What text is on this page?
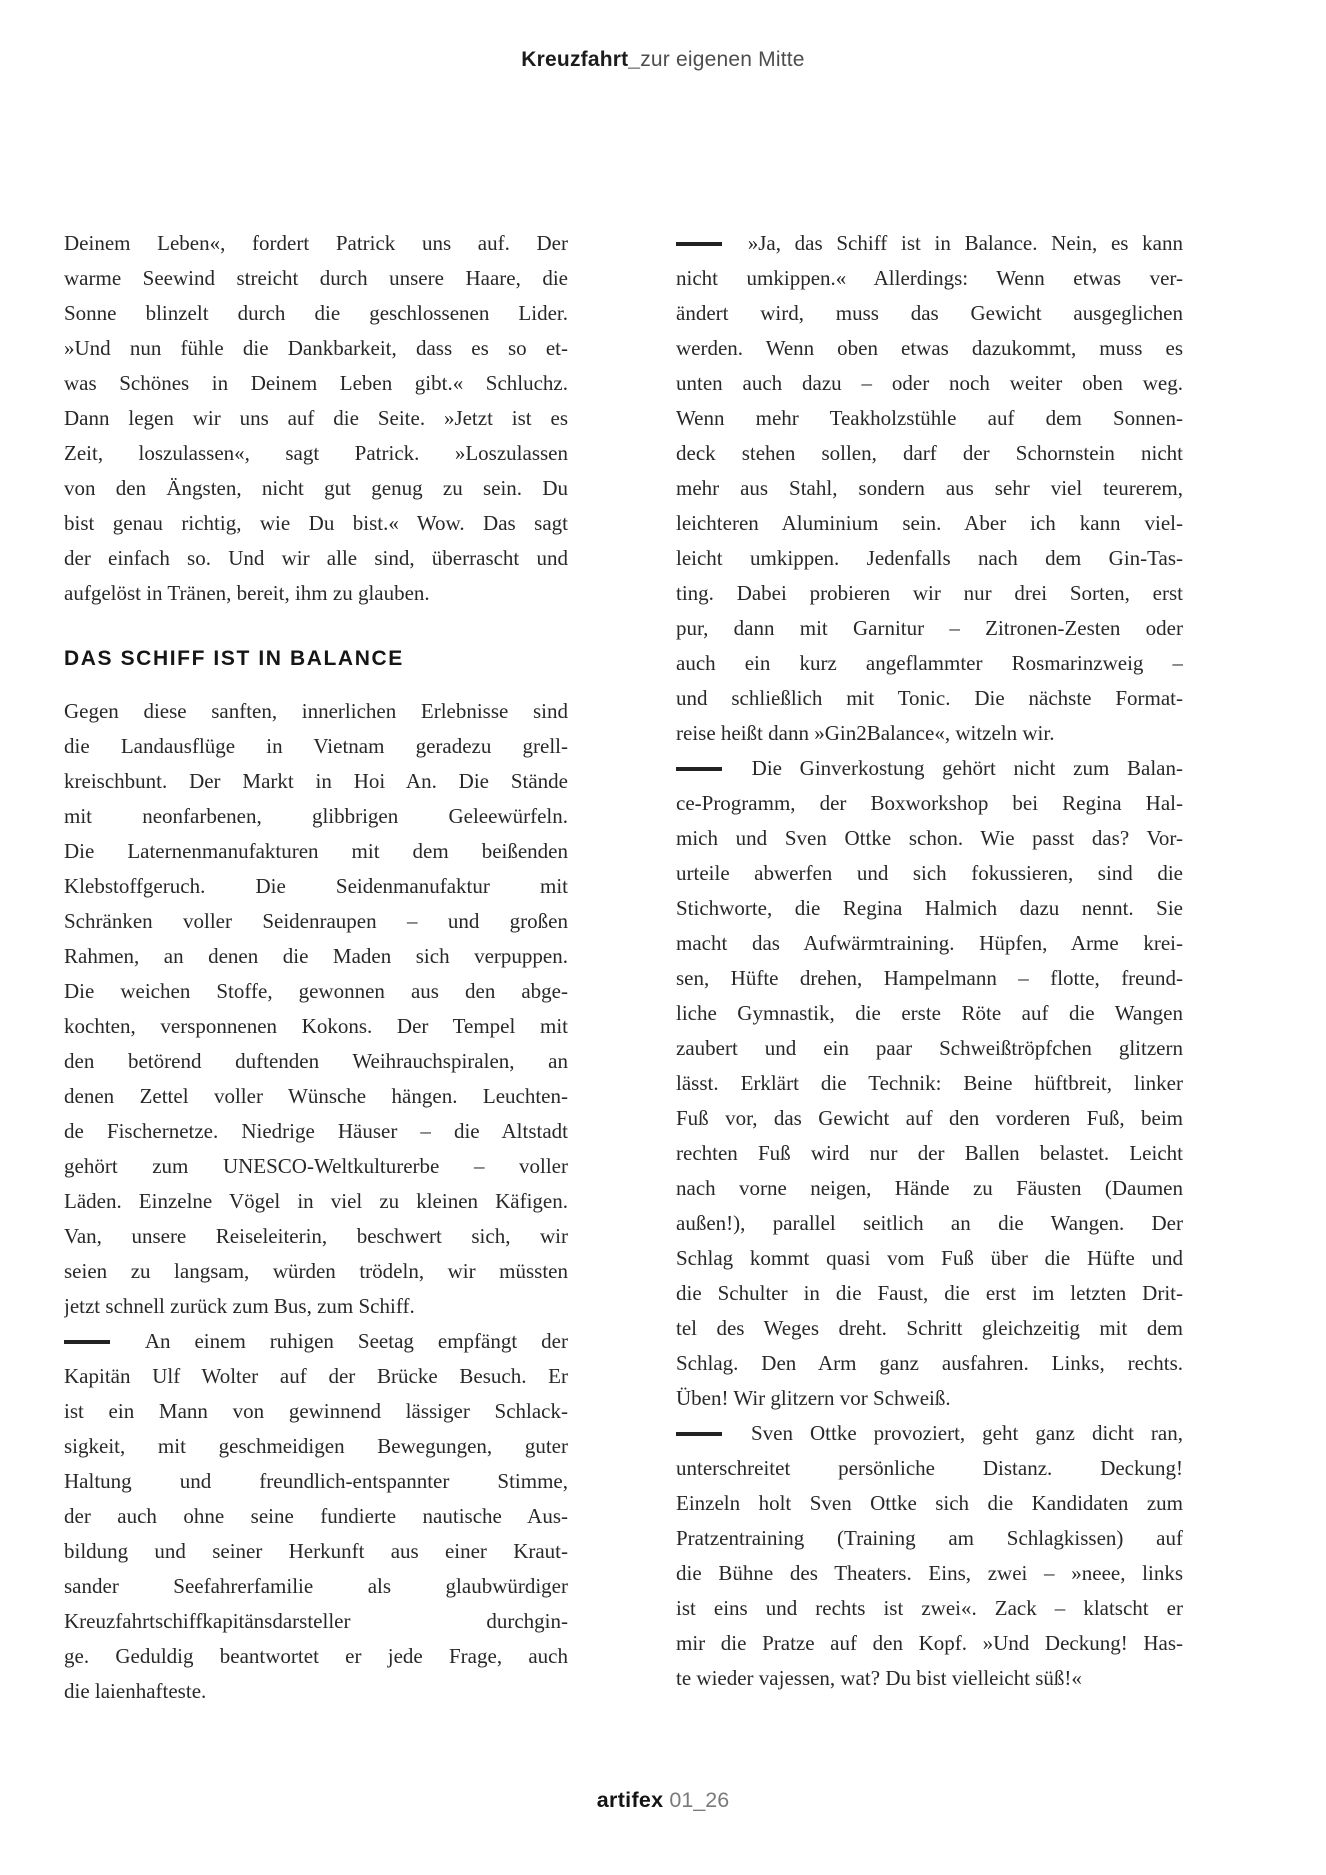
Kreuzfahrt_zur eigenen Mitte
Deinem Leben«, fordert Patrick uns auf. Der
warme Seewind streicht durch unsere Haare, die
Sonne blinzelt durch die geschlossenen Lider.
»Und nun fühle die Dankbarkeit, dass es so et-
was Schönes in Deinem Leben gibt.« Schluchz.
Dann legen wir uns auf die Seite. »Jetzt ist es
Zeit, loszulassen«, sagt Patrick. »Loszulassen
von den Ängsten, nicht gut genug zu sein. Du
bist genau richtig, wie Du bist.« Wow. Das sagt
der einfach so. Und wir alle sind, überrascht und
aufgelöst in Tränen, bereit, ihm zu glauben.
DAS SCHIFF IST IN BALANCE
Gegen diese sanften, innerlichen Erlebnisse sind
die Landausflüge in Vietnam geradezu grell-
kreischbunt. Der Markt in Hoi An. Die Stände
mit neonfarbenen, glibbrigen Geleewürfeln.
Die Laternenmanufakturen mit dem beißenden
Klebstoffgeruch. Die Seidenmanufaktur mit
Schränken voller Seidenraupen – und großen
Rahmen, an denen die Maden sich verpuppen.
Die weichen Stoffe, gewonnen aus den abge-
kochten, versponnenen Kokons. Der Tempel mit
den betörend duftenden Weihrauchspiralen, an
denen Zettel voller Wünsche hängen. Leuchten-
de Fischernetze. Niedrige Häuser – die Altstadt
gehört zum UNESCO-Weltkulturerbe – voller
Läden. Einzelne Vögel in viel zu kleinen Käfigen.
Van, unsere Reiseleiterin, beschwert sich, wir
seien zu langsam, würden trödeln, wir müssten
jetzt schnell zurück zum Bus, zum Schiff.
An einem ruhigen Seetag empfängt der
Kapitän Ulf Wolter auf der Brücke Besuch. Er
ist ein Mann von gewinnend lässiger Schlack-
sigkeit, mit geschmeidigen Bewegungen, guter
Haltung und freundlich-entspannter Stimme,
der auch ohne seine fundierte nautische Aus-
bildung und seiner Herkunft aus einer Kraut-
sander Seefahrerfamilie als glaubwürdiger
Kreuzfahrtschiffkapitänsdarsteller durchgin-
ge. Geduldig beantwortet er jede Frage, auch
die laienhafteste.
»Ja, das Schiff ist in Balance. Nein, es kann
nicht umkippen.« Allerdings: Wenn etwas ver-
ändert wird, muss das Gewicht ausgeglichen
werden. Wenn oben etwas dazukommt, muss es
unten auch dazu – oder noch weiter oben weg.
Wenn mehr Teakholzstühle auf dem Sonnen-
deck stehen sollen, darf der Schornstein nicht
mehr aus Stahl, sondern aus sehr viel teurerem,
leichteren Aluminium sein. Aber ich kann viel-
leicht umkippen. Jedenfalls nach dem Gin-Tas-
ting. Dabei probieren wir nur drei Sorten, erst
pur, dann mit Garnitur – Zitronen-Zesten oder
auch ein kurz angeflammter Rosmarinzweig –
und schließlich mit Tonic. Die nächste Format-
reise heißt dann »Gin2Balance«, witzeln wir.
Die Ginverkostung gehört nicht zum Balan-
ce-Programm, der Boxworkshop bei Regina Hal-
mich und Sven Ottke schon. Wie passt das? Vor-
urteile abwerfen und sich fokussieren, sind die
Stichworte, die Regina Halmich dazu nennt. Sie
macht das Aufwärmtraining. Hüpfen, Arme krei-
sen, Hüfte drehen, Hampelmann – flotte, freund-
liche Gymnastik, die erste Röte auf die Wangen
zaubert und ein paar Schweißtröpfchen glitzern
lässt. Erklärt die Technik: Beine hüftbreit, linker
Fuß vor, das Gewicht auf den vorderen Fuß, beim
rechten Fuß wird nur der Ballen belastet. Leicht
nach vorne neigen, Hände zu Fäusten (Daumen
außen!), parallel seitlich an die Wangen. Der
Schlag kommt quasi vom Fuß über die Hüfte und
die Schulter in die Faust, die erst im letzten Drit-
tel des Weges dreht. Schritt gleichzeitig mit dem
Schlag. Den Arm ganz ausfahren. Links, rechts.
Üben! Wir glitzern vor Schweiß.
Sven Ottke provoziert, geht ganz dicht ran,
unterschreitet persönliche Distanz. Deckung!
Einzeln holt Sven Ottke sich die Kandidaten zum
Pratzentraining (Training am Schlagkissen) auf
die Bühne des Theaters. Eins, zwei – »neee, links
ist eins und rechts ist zwei«. Zack – klatscht er
mir die Pratze auf den Kopf. »Und Deckung! Has-
te wieder vajessen, wat? Du bist vielleicht süß!«
artifex 01_26
